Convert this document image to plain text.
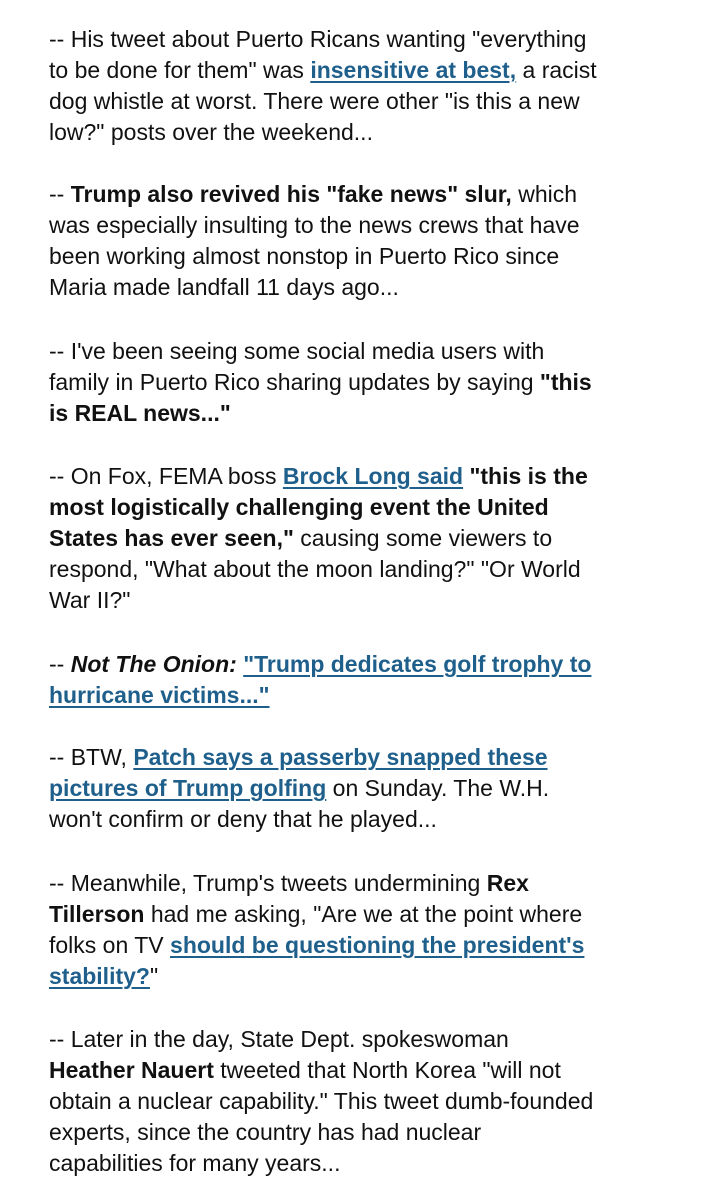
-- His tweet about Puerto Ricans wanting "everything
to be done for them" was insensitive at best, a racist
dog whistle at worst. There were other "is this a new
low?" posts over the weekend...

-- Trump also revived his "fake news" slur, which
was especially insulting to the news crews that have
been working almost nonstop in Puerto Rico since
Maria made landfall 11 days ago...

-- I've been seeing some social media users with
family in Puerto Rico sharing updates by saying "this
is REAL news..."

-- On Fox, FEMA boss Brock Long said "this is the
most logistically challenging event the United
States has ever seen," causing some viewers to
respond, "What about the moon landing?" "Or World
War II?"

-- Not The Onion: "Trump dedicates golf trophy to
hurricane victims..."

-- BTW, Patch says a passerby snapped these
pictures of Trump golfing on Sunday. The W.H.
won't confirm or deny that he played...

-- Meanwhile, Trump's tweets undermining Rex
Tillerson had me asking, "Are we at the point where
folks on TV should be questioning the president's
stability?"

-- Later in the day, State Dept. spokeswoman
Heather Nauert tweeted that North Korea "will not
obtain a nuclear capability." This tweet dumb-founded
experts, since the country has had nuclear
capabilities for many years...
